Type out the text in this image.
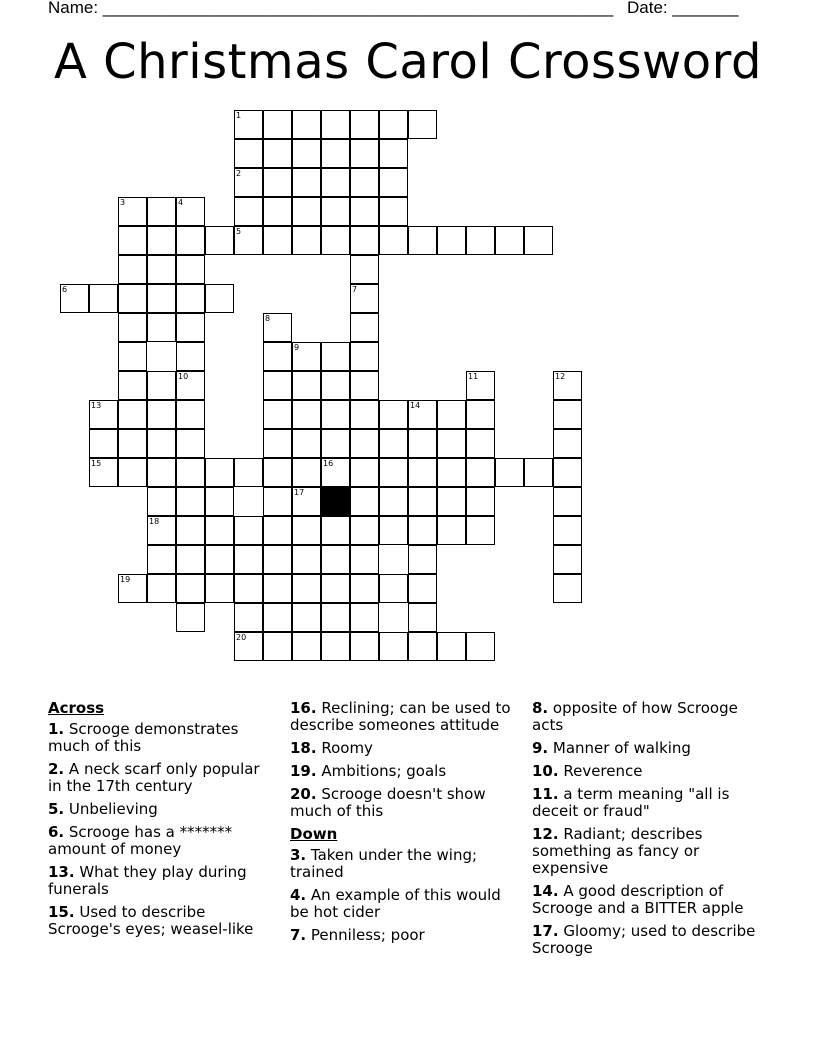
Name: ______________________________________________________ Date: _______
A Christmas Carol Crossword
1
2
3	4
5
6	7
8
9
10	11	12
13	14
15	16
17
18
19
20
Across
1. Scrooge demonstrates much of this
2. A neck scarf only popular in the 17th century
5. Unbelieving
6. Scrooge has a ******* amount of money
13. What they play during funerals
15. Used to describe Scrooge's eyes; weasel-like
16. Reclining; can be used to describe someones attitude
18. Roomy
19. Ambitions; goals
20. Scrooge doesn't show much of this
Down
3. Taken under the wing; trained
4. An example of this would be hot cider
7. Penniless; poor
8. opposite of how Scrooge acts
9. Manner of walking
10. Reverence
11. a term meaning "all is deceit or fraud"
12. Radiant; describes something as fancy or expensive
14. A good description of Scrooge and a BITTER apple
17. Gloomy; used to describe Scrooge
